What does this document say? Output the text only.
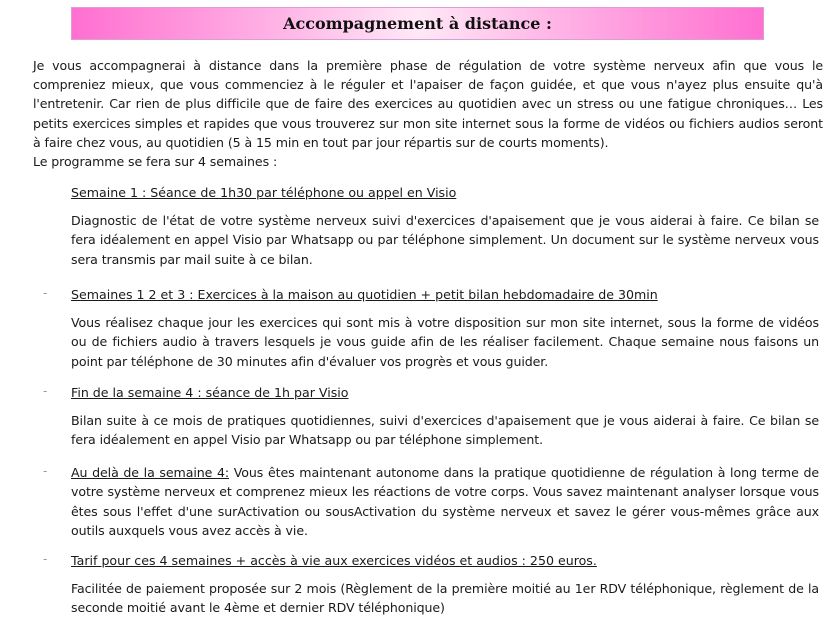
Accompagnement à distance :

Je vous accompagnerai à distance dans la première phase de régulation de votre système nerveux afin que vous le compreniez mieux, que vous commenciez à le réguler et l'apaiser de façon guidée, et que vous n'ayez plus ensuite qu'à l'entretenir. Car rien de plus difficile que de faire des exercices au quotidien avec un stress ou une fatigue chroniques… Les petits exercices simples et rapides que vous trouverez sur mon site internet sous la forme de vidéos ou fichiers audios seront à faire chez vous, au quotidien (5 à 15 min en tout par jour répartis sur de courts moments).

Le programme se fera sur 4 semaines :

Semaine 1 : Séance de 1h30 par téléphone ou appel en Visio

Diagnostic de l'état de votre système nerveux suivi d'exercices d'apaisement que je vous aiderai à faire. Ce bilan se fera idéalement en appel Visio par Whatsapp ou par téléphone simplement. Un document sur le système nerveux vous sera transmis par mail suite à ce bilan.

- Semaines 1 2 et 3 : Exercices à la maison au quotidien + petit bilan hebdomadaire de 30min

Vous réalisez chaque jour les exercices qui sont mis à votre disposition sur mon site internet, sous la forme de vidéos ou de fichiers audio à travers lesquels je vous guide afin de les réaliser facilement. Chaque semaine nous faisons un point par téléphone de 30 minutes afin d'évaluer vos progrès et vous guider.

- Fin de la semaine 4 : séance de 1h par Visio

Bilan suite à ce mois de pratiques quotidiennes, suivi d'exercices d'apaisement que je vous aiderai à faire. Ce bilan se fera idéalement en appel Visio par Whatsapp ou par téléphone simplement.

- Au delà de la semaine 4: Vous êtes maintenant autonome dans la pratique quotidienne de régulation à long terme de votre système nerveux et comprenez mieux les réactions de votre corps. Vous savez maintenant analyser lorsque vous êtes sous l'effet d'une surActivation ou sousActivation du système nerveux et savez le gérer vous-mêmes grâce aux outils auxquels vous avez accès à vie.

- Tarif pour ces 4 semaines + accès à vie aux exercices vidéos et audios : 250 euros.

Facilitée de paiement proposée sur 2 mois (Règlement de la première moitié au 1er RDV téléphonique, règlement de la seconde moitié avant le 4ème et dernier RDV téléphonique)
